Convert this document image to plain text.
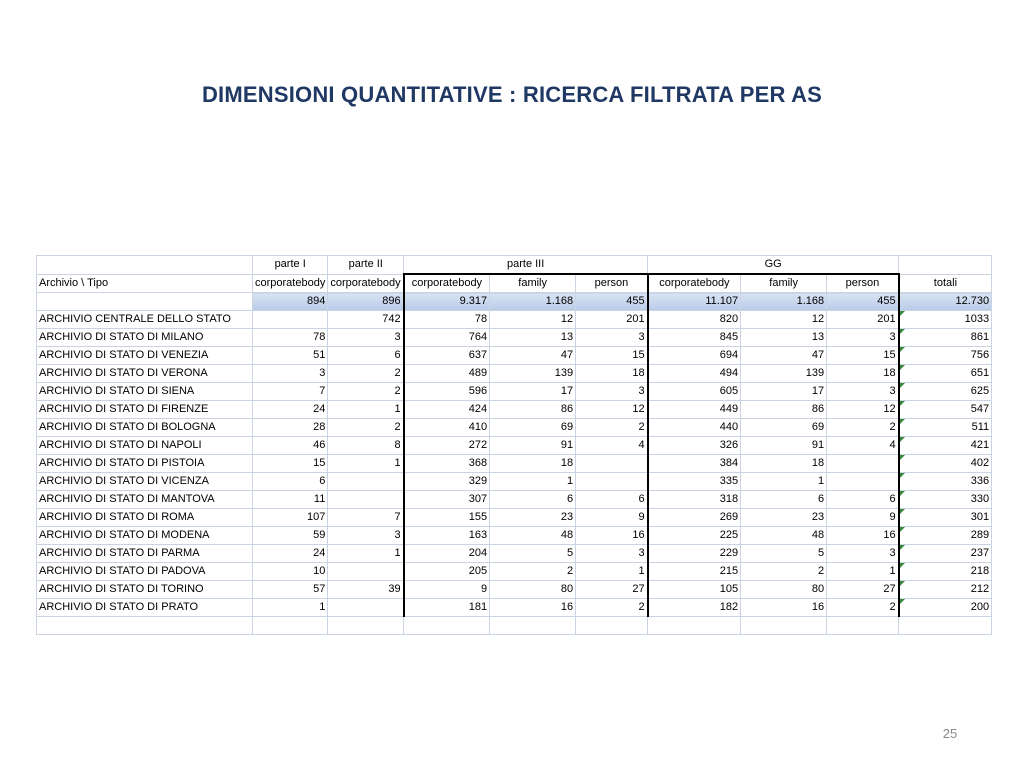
DIMENSIONI QUANTITATIVE : RICERCA FILTRATA PER AS
	parte I	parte II	parte III			GG			
Archivio \ Tipo	corporatebody	corporatebody	corporatebody	family	person	corporatebody	family	person	totali
	894	896	9.317	1.168	455	11.107	1.168	455	12.730
ARCHIVIO CENTRALE DELLO STATO		742	78	12	201	820	12	201	1033
ARCHIVIO DI STATO DI MILANO	78	3	764	13	3	845	13	3	861
ARCHIVIO DI STATO DI VENEZIA	51	6	637	47	15	694	47	15	756
ARCHIVIO DI STATO DI VERONA	3	2	489	139	18	494	139	18	651
ARCHIVIO DI STATO DI SIENA	7	2	596	17	3	605	17	3	625
ARCHIVIO DI STATO DI FIRENZE	24	1	424	86	12	449	86	12	547
ARCHIVIO DI STATO DI BOLOGNA	28	2	410	69	2	440	69	2	511
ARCHIVIO DI STATO DI NAPOLI	46	8	272	91	4	326	91	4	421
ARCHIVIO DI STATO DI PISTOIA	15	1	368	18		384	18		402
ARCHIVIO DI STATO DI VICENZA	6		329	1		335	1		336
ARCHIVIO DI STATO DI MANTOVA	11		307	6	6	318	6	6	330
ARCHIVIO DI STATO DI ROMA	107	7	155	23	9	269	23	9	301
ARCHIVIO DI STATO DI MODENA	59	3	163	48	16	225	48	16	289
ARCHIVIO DI STATO DI PARMA	24	1	204	5	3	229	5	3	237
ARCHIVIO DI STATO DI PADOVA	10		205	2	1	215	2	1	218
ARCHIVIO DI STATO DI TORINO	57	39	9	80	27	105	80	27	212
ARCHIVIO DI STATO DI PRATO	1		181	16	2	182	16	2	200

25
